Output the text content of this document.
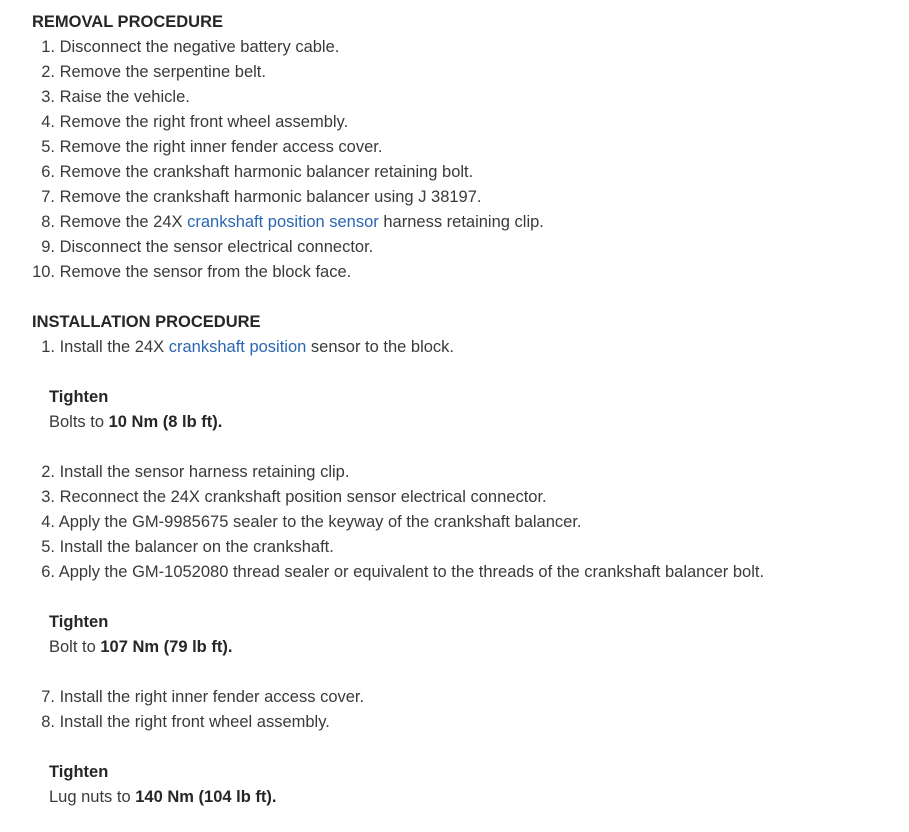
REMOVAL PROCEDURE
1. Disconnect the negative battery cable.
2. Remove the serpentine belt.
3. Raise the vehicle.
4. Remove the right front wheel assembly.
5. Remove the right inner fender access cover.
6. Remove the crankshaft harmonic balancer retaining bolt.
7. Remove the crankshaft harmonic balancer using J 38197.
8. Remove the 24X crankshaft position sensor harness retaining clip.
9. Disconnect the sensor electrical connector.
10. Remove the sensor from the block face.
INSTALLATION PROCEDURE
1. Install the 24X crankshaft position sensor to the block.
Tighten
Bolts to 10 Nm (8 lb ft).
2. Install the sensor harness retaining clip.
3. Reconnect the 24X crankshaft position sensor electrical connector.
4. Apply the GM-9985675 sealer to the keyway of the crankshaft balancer.
5. Install the balancer on the crankshaft.
6. Apply the GM-1052080 thread sealer or equivalent to the threads of the crankshaft balancer bolt.
Tighten
Bolt to 107 Nm (79 lb ft).
7. Install the right inner fender access cover.
8. Install the right front wheel assembly.
Tighten
Lug nuts to 140 Nm (104 lb ft).
